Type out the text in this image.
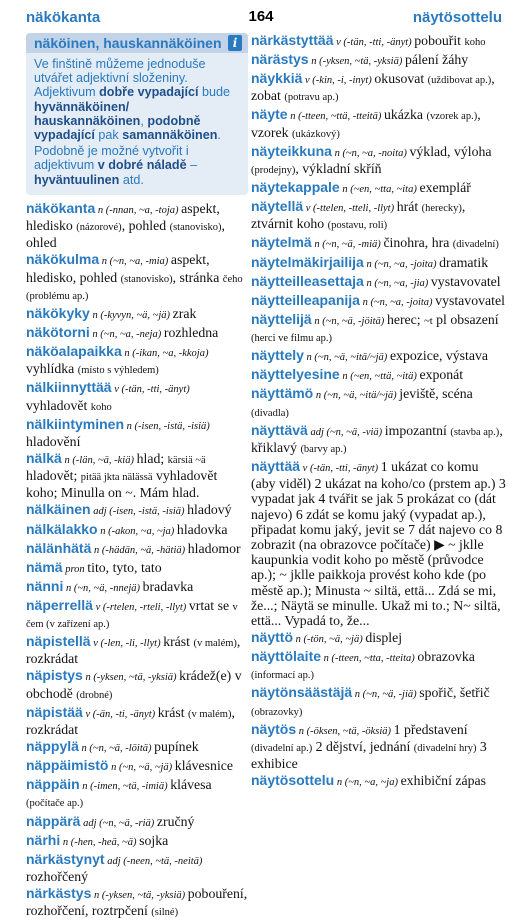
näkökanta	164	näytösottelu
näköinen, hauskannäköinen i

Ve finštině můžeme jednoduše utvářet adjektivní složeniny. Adjektivum dobře vypadající bude hyvännäköinen/ hauskannäköinen, podobně vypadající pak samannäköinen.

Podobně je možné vytvořit i adjektivum v dobré náladě – hyväntuulinen atd.

näkökanta n (-nnan, ~a, -toja) aspekt, hledisko (názorové), pohled (stanovisko), ohled
näkökulma n (~n, ~a, -mia) aspekt, hledisko, pohled (stanovisko), stránka čeho (problému ap.)
näkökyky n (-kyvyn, ~ä, ~jä) zrak
näkötorni n (~n, ~a, -neja) rozhledna
näköalapaikka n (-ikan, ~a, -kkoja) vyhlídka (místo s výhledem)
nälkiinnyttää v (-tän, -tti, -änyt) vyhladovět koho
nälkiintyminen n (-isen, -istä, -isiä) hladovění
nälkä n (-län, ~ä, -kiä) hlad; kärsiä ~ä hladovět; pitää jkta nälässä vyhladovět koho; Minulla on ~. Mám hlad.
nälkäinen adj (-isen, -istä, -isiä) hladový
nälkälakko n (-akon, ~a, ~ja) hladovka
nälänhätä n (-hädän, ~ä, -hätiä) hladomor
nämä pron tito, tyto, tato
nänni n (~n, ~ä, -nnejä) bradavka
näperrellä v (-rtelen, -rteli, -llyt) vrtat se v čem (v zařízení ap.)
näpistellä v (-len, -li, -llyt) krást (v malém), rozkrádat
näpistys n (-yksen, ~tä, -yksiä) krádež(e) v obchodě (drobné)
näpistää v (-än, -ti, -änyt) krást (v malém), rozkrádat
näppylä n (~n, ~ä, -löitä) pupínek
näppäimistö n (~n, ~ä, ~jä) klávesnice
näppäin n (-imen, ~tä, -imiä) klávesa (počítače ap.)
näppärä adj (~n, ~ä, -riä) zručný
närhi n (-hen, -heä, ~ä) sojka
närkästynyt adj (-neen, ~tä, -neitä) rozhořčený
närkästys n (-yksen, ~tä, -yksiä) pobouření, rozhořčení, roztrpčení (silné)
närkästyttää v (-tän, -tti, -änyt) pobouřit koho
närästys n (-yksen, ~tä, -yksiä) pálení žáhy
näykkiä v (-kin, -i, -inyt) okusovat (uždibovat ap.), zobat (potravu ap.)
näyte n (-tteen, ~ttä, -tteitä) ukázka (vzorek ap.), vzorek (ukázkový)
näyteikkuna n (~n, ~a, -noita) výklad, výloha (prodejny), výkladní skříň
näytekappale n (~en, ~tta, ~ita) exemplář
näytellä v (-ttelen, -tteli, -llyt) hrát (herecky), ztvárnit koho (postavu, roli)
näytelmä n (~n, ~ä, -miä) činohra, hra (divadelní)
näytelmäkirjailija n (~n, ~a, -joita) dramatik
näytteilleasettaja n (~n, ~a, -jia) vystavovatel
näytteilleapanija n (~n, ~a, -joita) vystavovatel
näyttelijä n (~n, ~ä, -jöitä) herec; ~t pl obsazení (herci ve filmu ap.)
näyttely n (~n, ~ä, ~itä/~jä) expozice, výstava
näyttelyesine n (~en, ~ttä, ~itä) exponát
näyttämö n (~n, ~ä, ~itä/~jä) jeviště, scéna (divadla)
näyttävä adj (~n, ~ä, -viä) impozantní (stavba ap.), křiklavý (barvy ap.)
näyttää v (-tän, -tti, -änyt) 1 ukázat co komu (aby viděl) 2 ukázat na koho/co (prstem ap.) 3 vypadat jak 4 tvářit se jak 5 prokázat co (dát najevo) 6 zdát se komu jaký (vypadat ap.), připadat komu jaký, jevit se 7 dát najevo co 8 zobrazit (na obrazovce počítače) ▶ ~ jklle kaupunkia vodit koho po městě (průvodce ap.); ~ jklle paikkoja provést koho kde (po městě ap.); Minusta ~ siltä, että... Zdá se mi, že...; Näytä se minulle. Ukaž mi to.; N~ siltä, että... Vypadá to, že...
näyttö n (-tön, ~ä, ~jä) displej
näyttölaite n (-tteen, ~tta, -tteita) obrazovka (informací ap.)
näytönsäästäjä n (~n, ~ä, -jiä) spořič, šetřič (obrazovky)
näytös n (-öksen, ~tä, -öksiä) 1 představení (divadelní ap.) 2 dějství, jednání (divadelní hry) 3 exhibice
näytösottelu n (~n, ~a, ~ja) exhibiční zápas
